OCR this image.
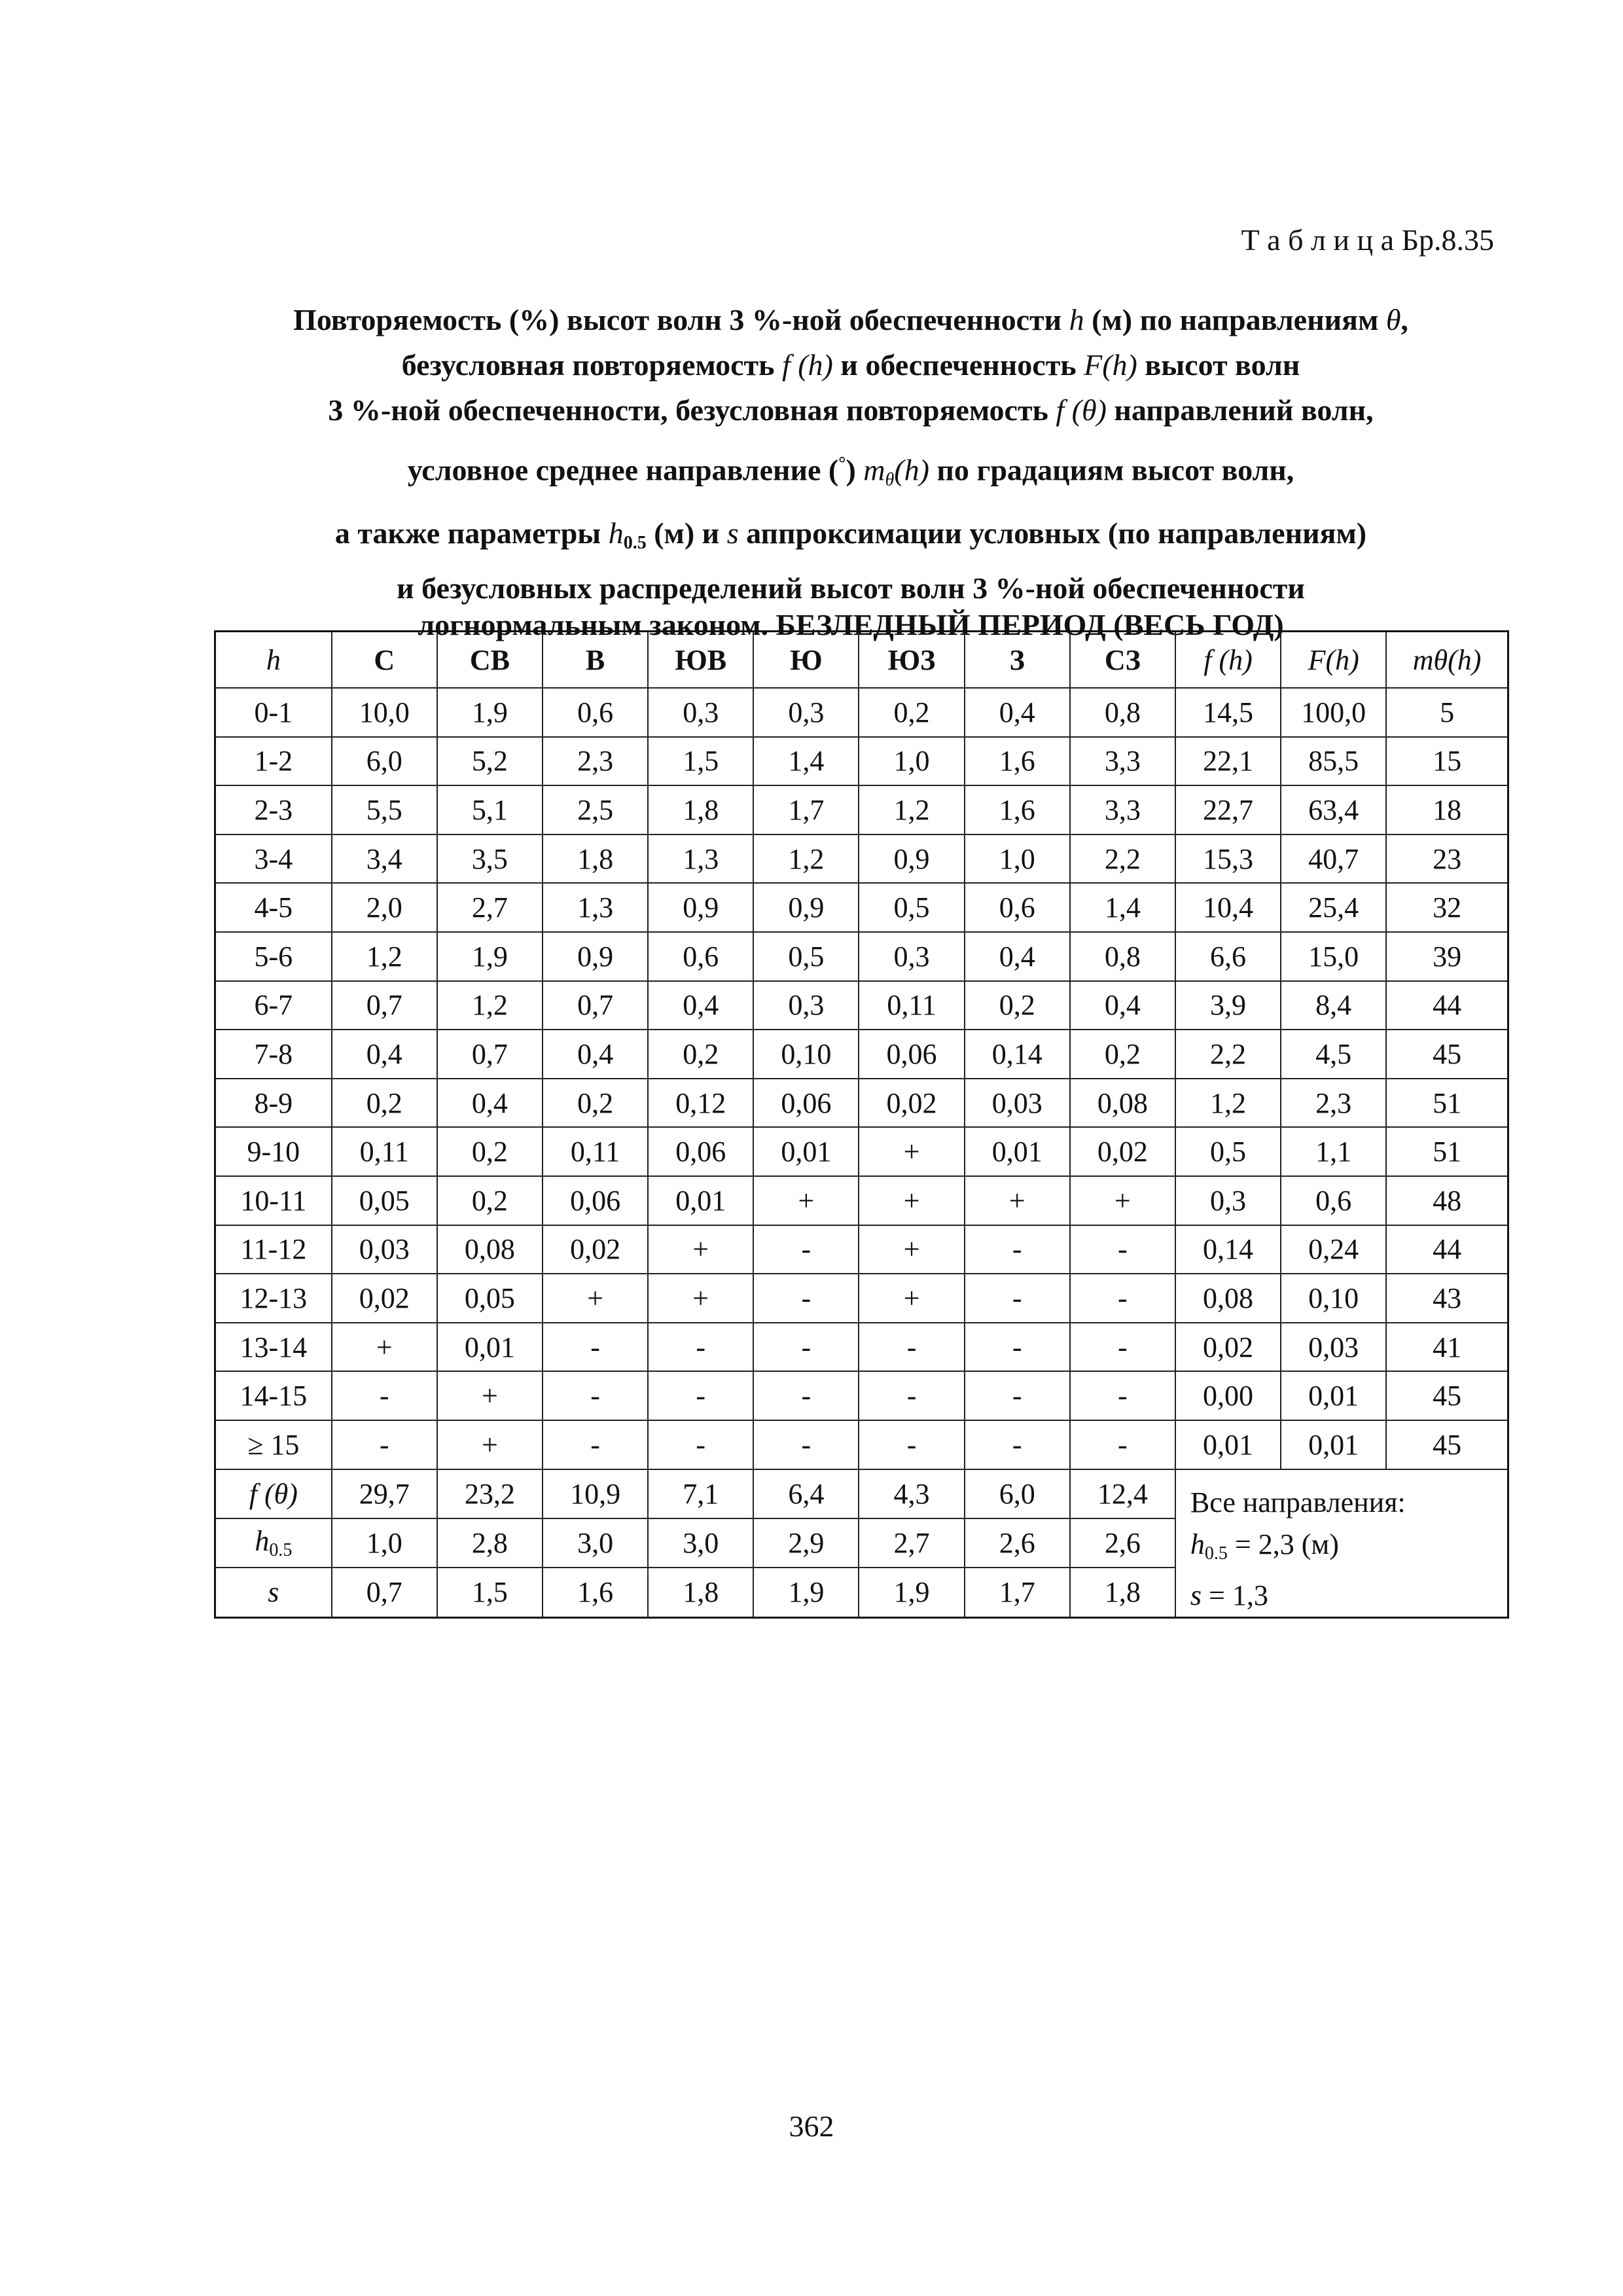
Т а б л и ц а Бр.8.35
Повторяемость (%) высот волн 3 %-ной обеспеченности h (м) по направлениям θ,
безусловная повторяемость f (h) и обеспеченность F(h) высот волн
3 %-ной обеспеченности, безусловная повторяемость f (θ) направлений волн,
условное среднее направление (°) $m_\theta(h)$ по градациям высот волн,
а также параметры $h_{0.5}$ (м) и s аппроксимации условных (по направлениям)
и безусловных распределений высот волн 3 %-ной обеспеченности
логнормальным законом. БЕЗЛЕДНЫЙ ПЕРИОД (ВЕСЬ ГОД)
h	С	СВ	В	ЮВ	Ю	ЮЗ	З	СЗ	f (h)	F(h)	mθ(h)
0-1	10,0	1,9	0,6	0,3	0,3	0,2	0,4	0,8	14,5	100,0	5
1-2	6,0	5,2	2,3	1,5	1,4	1,0	1,6	3,3	22,1	85,5	15
2-3	5,5	5,1	2,5	1,8	1,7	1,2	1,6	3,3	22,7	63,4	18
3-4	3,4	3,5	1,8	1,3	1,2	0,9	1,0	2,2	15,3	40,7	23
4-5	2,0	2,7	1,3	0,9	0,9	0,5	0,6	1,4	10,4	25,4	32
5-6	1,2	1,9	0,9	0,6	0,5	0,3	0,4	0,8	6,6	15,0	39
6-7	0,7	1,2	0,7	0,4	0,3	0,11	0,2	0,4	3,9	8,4	44
7-8	0,4	0,7	0,4	0,2	0,10	0,06	0,14	0,2	2,2	4,5	45
8-9	0,2	0,4	0,2	0,12	0,06	0,02	0,03	0,08	1,2	2,3	51
9-10	0,11	0,2	0,11	0,06	0,01	+	0,01	0,02	0,5	1,1	51
10-11	0,05	0,2	0,06	0,01	+	+	+	+	0,3	0,6	48
11-12	0,03	0,08	0,02	+	-	+	-	-	0,14	0,24	44
12-13	0,02	0,05	+	+	-	+	-	-	0,08	0,10	43
13-14	+	0,01	-	-	-	-	-	-	0,02	0,03	41
14-15	-	+	-	-	-	-	-	-	0,00	0,01	45
≥ 15	-	+	-	-	-	-	-	-	0,01	0,01	45
f (θ)	29,7	23,2	10,9	7,1	6,4	4,3	6,0	12,4	Все направления:
$h_{0.5} = 2,3$ (м)
s = 1,3		

$h_{0.5}$	1,0	2,8	3,0	3,0	2,9	2,7	2,6	2,6			
s	0,7	1,5	1,6	1,8	1,9	1,9	1,7	1,8			
362
